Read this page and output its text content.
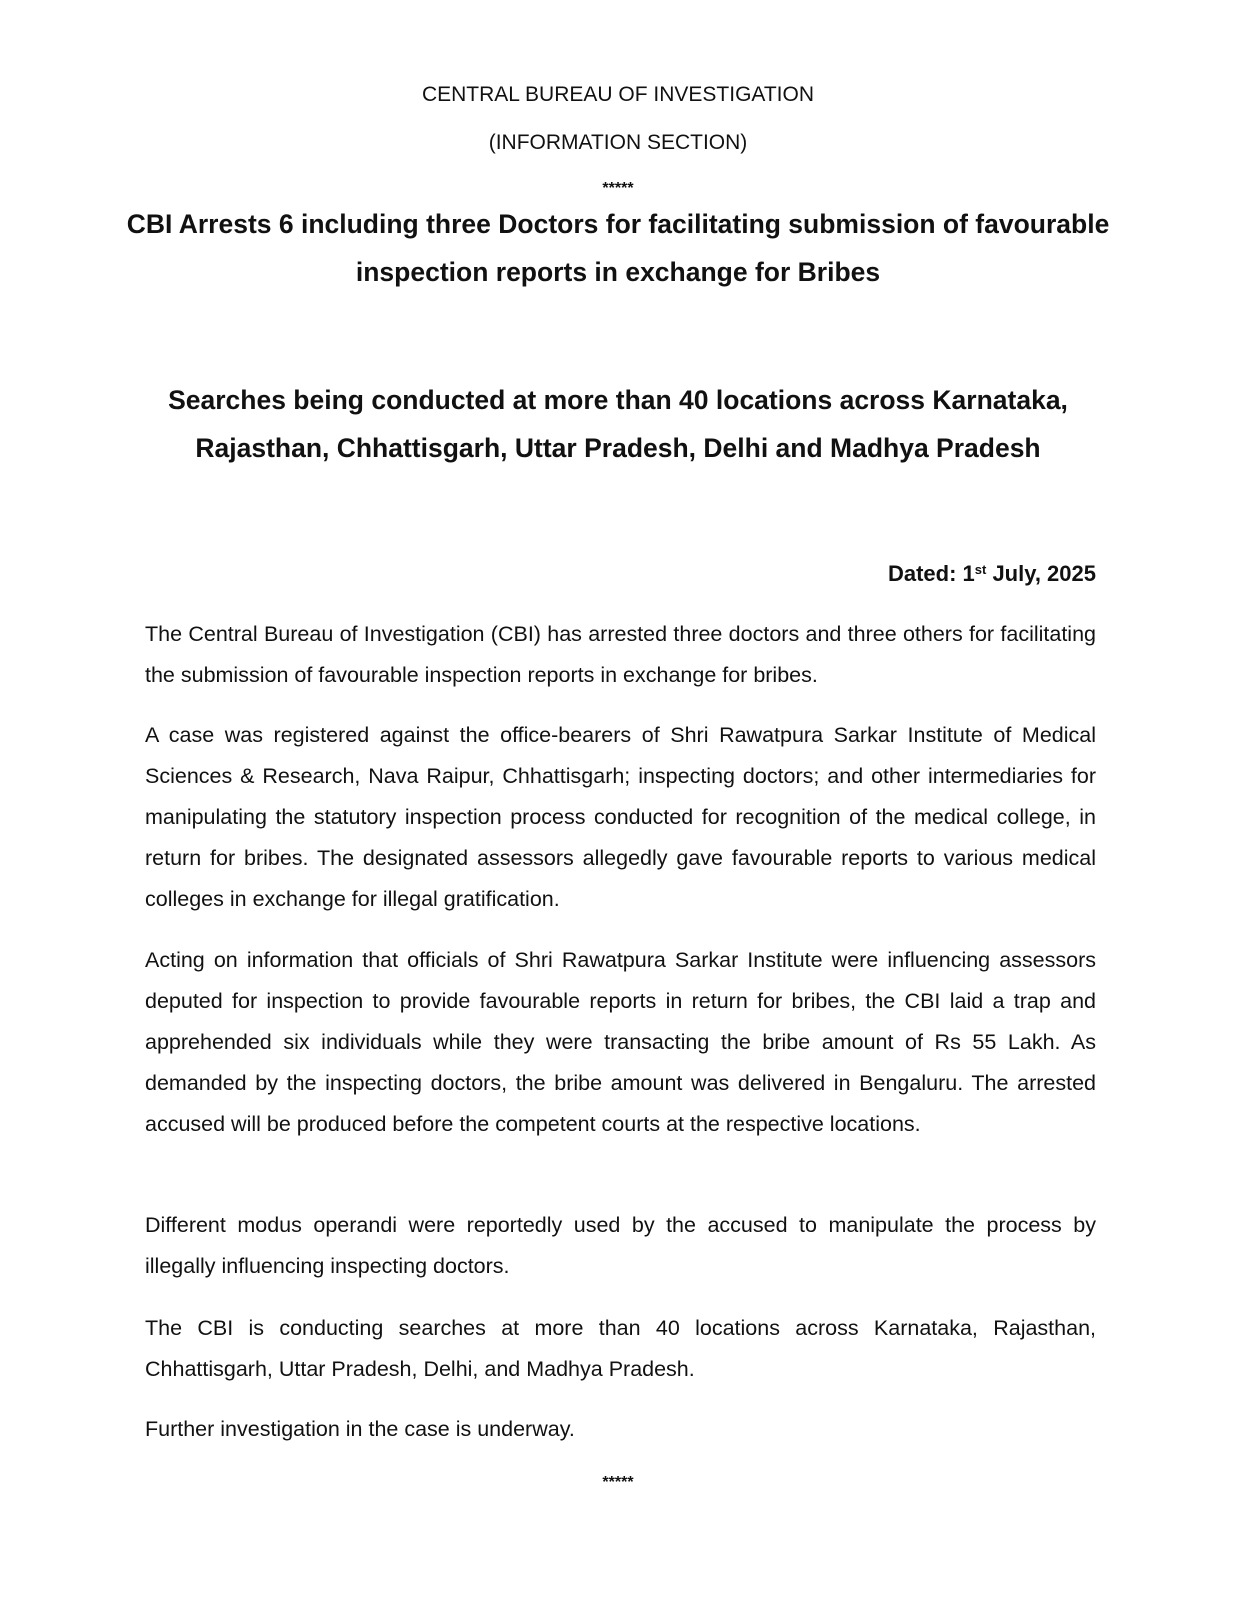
CENTRAL BUREAU OF INVESTIGATION
(INFORMATION SECTION)
*****
CBI Arrests 6 including three Doctors for facilitating submission of favourable inspection reports in exchange for Bribes
Searches being conducted at more than 40 locations across Karnataka, Rajasthan, Chhattisgarh, Uttar Pradesh, Delhi and Madhya Pradesh
Dated: 1st July, 2025

The Central Bureau of Investigation (CBI) has arrested three doctors and three others for facilitating the submission of favourable inspection reports in exchange for bribes.

A case was registered against the office-bearers of Shri Rawatpura Sarkar Institute of Medical Sciences & Research, Nava Raipur, Chhattisgarh; inspecting doctors; and other intermediaries for manipulating the statutory inspection process conducted for recognition of the medical college, in return for bribes. The designated assessors allegedly gave favourable reports to various medical colleges in exchange for illegal gratification.

Acting on information that officials of Shri Rawatpura Sarkar Institute were influencing assessors deputed for inspection to provide favourable reports in return for bribes, the CBI laid a trap and apprehended six individuals while they were transacting the bribe amount of Rs 55 Lakh. As demanded by the inspecting doctors, the bribe amount was delivered in Bengaluru. The arrested accused will be produced before the competent courts at the respective locations.

Different modus operandi were reportedly used by the accused to manipulate the process by illegally influencing inspecting doctors.

The CBI is conducting searches at more than 40 locations across Karnataka, Rajasthan, Chhattisgarh, Uttar Pradesh, Delhi, and Madhya Pradesh.

Further investigation in the case is underway.

*****
